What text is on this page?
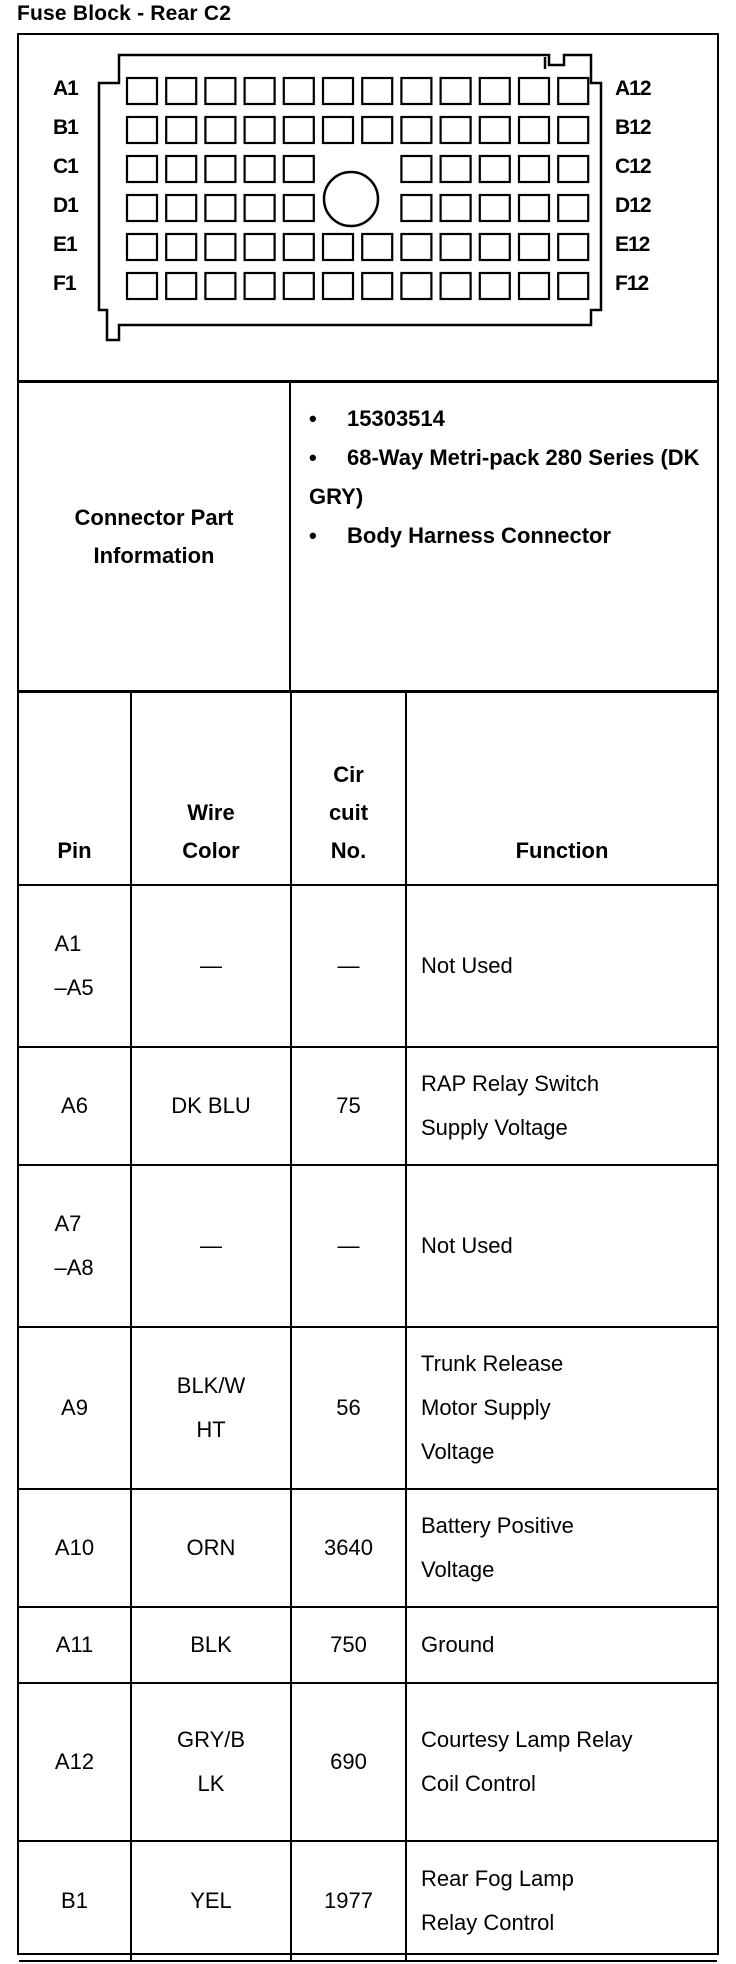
Fuse Block - Rear C2
A1
B1
C1
D1
E1
F1
A12
B12
C12
D12
E12
F12
Connector Part Information
• 15303514
• 68-Way Metri-pack 280 Series (DK GRY)
• Body Harness Connector
Pin	Wire Color	Cir cuit No.	Function

A1 –A5	—	—	Not Used
A6	DK BLU	75	RAP Relay Switch Supply Voltage

A7 –A8	—	—	Not Used
A9	BLK/W HT	56	Trunk Release Motor Supply Voltage

A10	ORN	3640	Battery Positive Voltage

A11	BLK	750	Ground
A12	GRY/B LK	690	Courtesy Lamp Relay Coil Control

B1	YEL	1977	Rear Fog Lamp Relay Control
